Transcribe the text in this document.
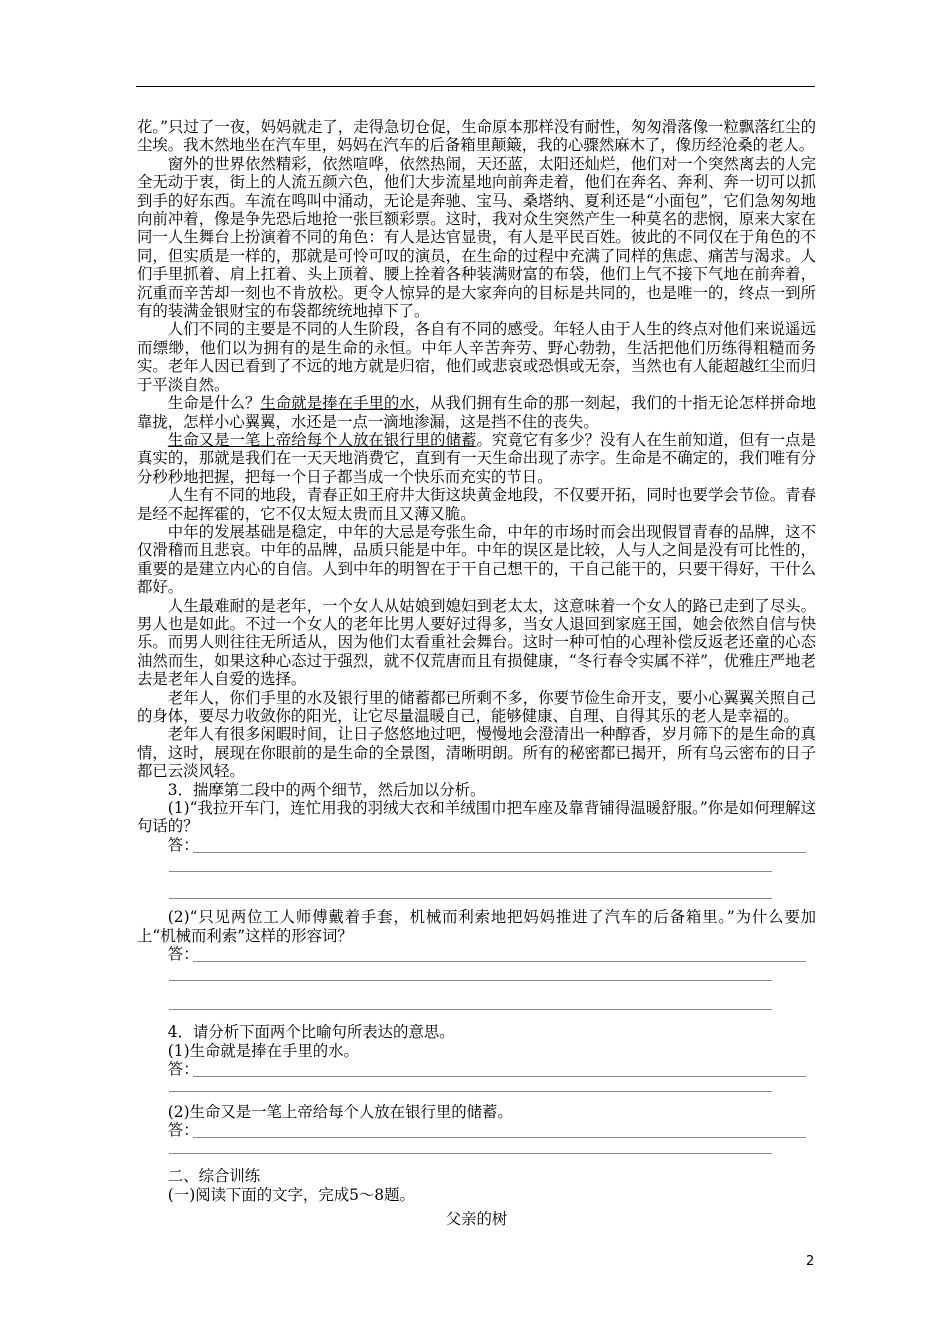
花。”只过了一夜，妈妈就走了，走得急切仓促，生命原本那样没有耐性，匆匆滑落像一粒飘落红尘的尘埃。我木然地坐在汽车里，妈妈在汽车的后备箱里颠簸，我的心骤然麻木了，像历经沧桑的老人。

窗外的世界依然精彩，依然喧哗，依然热闹，天还蓝，太阳还灿烂，他们对一个突然离去的人完全无动于衷，街上的人流五颜六色，他们大步流星地向前奔走着，他们在奔名、奔利、奔一切可以抓到手的好东西。车流在鸣叫中涌动，无论是奔驰、宝马、桑塔纳、夏利还是“小面包”，它们急匆匆地向前冲着，像是争先恐后地抢一张巨额彩票。这时，我对众生突然产生一种莫名的悲悯，原来大家在同一人生舞台上扮演着不同的角色：有人是达官显贵，有人是平民百姓。彼此的不同仅在于角色的不同，但实质是一样的，那就是可怜可叹的演员，在生命的过程中充满了同样的焦虑、痛苦与渴求。人们手里抓着、肩上扛着、头上顶着、腰上拴着各种装满财富的布袋，他们上气不接下气地在前奔着，沉重而辛苦却一刻也不肯放松。更令人惊异的是大家奔向的目标是共同的，也是唯一的，终点一到所有的装满金银财宝的布袋都统统地掉下了。

人们不同的主要是不同的人生阶段，各自有不同的感受。年轻人由于人生的终点对他们来说遥远而缥缈，他们以为拥有的是生命的永恒。中年人辛苦奔劳、野心勃勃，生活把他们历练得粗糙而务实。老年人因已看到了不远的地方就是归宿，他们或悲哀或恐惧或无奈，当然也有人能超越红尘而归于平淡自然。

生命是什么？生命就是捧在手里的水，从我们拥有生命的那一刻起，我们的十指无论怎样拼命地靠拢，怎样小心翼翼，水还是一点一滴地渗漏，这是挡不住的丧失。

生命又是一笔上帝给每个人放在银行里的储蓄。究竟它有多少？没有人在生前知道，但有一点是真实的，那就是我们在一天天地消费它，直到有一天生命出现了赤字。生命是不确定的，我们唯有分分秒秒地把握，把每一个日子都当成一个快乐而充实的节日。

人生有不同的地段，青春正如王府井大街这块黄金地段，不仅要开拓，同时也要学会节俭。青春是经不起挥霍的，它不仅太短太贵而且又薄又脆。

中年的发展基础是稳定，中年的大忌是夸张生命，中年的市场时而会出现假冒青春的品牌，这不仅滑稽而且悲哀。中年的品牌，品质只能是中年。中年的误区是比较，人与人之间是没有可比性的，重要的是建立内心的自信。人到中年的明智在于干自己想干的，干自己能干的，只要干得好，干什么都好。

人生最难耐的是老年，一个女人从姑娘到媳妇到老太太，这意味着一个女人的路已走到了尽头。男人也是如此。不过一个女人的老年比男人要好过得多，当女人退回到家庭王国，她会依然自信与快乐。而男人则往往无所适从，因为他们太看重社会舞台。这时一种可怕的心理补偿反返老还童的心态油然而生，如果这种心态过于强烈，就不仅荒唐而且有损健康，“冬行春令实属不祥”，优雅庄严地老去是老年人自爱的选择。

老年人，你们手里的水及银行里的储蓄都已所剩不多，你要节俭生命开支，要小心翼翼关照自己的身体，要尽力收敛你的阳光，让它尽量温暖自己，能够健康、自理、自得其乐的老人是幸福的。

老年人有很多闲暇时间，让日子悠悠地过吧，慢慢地会澄清出一种醇香，岁月筛下的是生命的真情，这时，展现在你眼前的是生命的全景图，清晰明朗。所有的秘密都已揭开，所有乌云密布的日子都已云淡风轻。

3．揣摩第二段中的两个细节，然后加以分析。

(1)“我拉开车门，连忙用我的羽绒大衣和羊绒围巾把车座及靠背铺得温暖舒服。”你是如何理解这句话的？

答：

(2)“只见两位工人师傅戴着手套，机械而利索地把妈妈推进了汽车的后备箱里。”为什么要加上“机械而利索”这样的形容词？

答：

4．请分析下面两个比喻句所表达的意思。

(1)生命就是捧在手里的水。

答：

(2)生命又是一笔上帝给每个人放在银行里的储蓄。

答：

二、综合训练

(一)阅读下面的文字，完成5～8题。

父亲的树

2
